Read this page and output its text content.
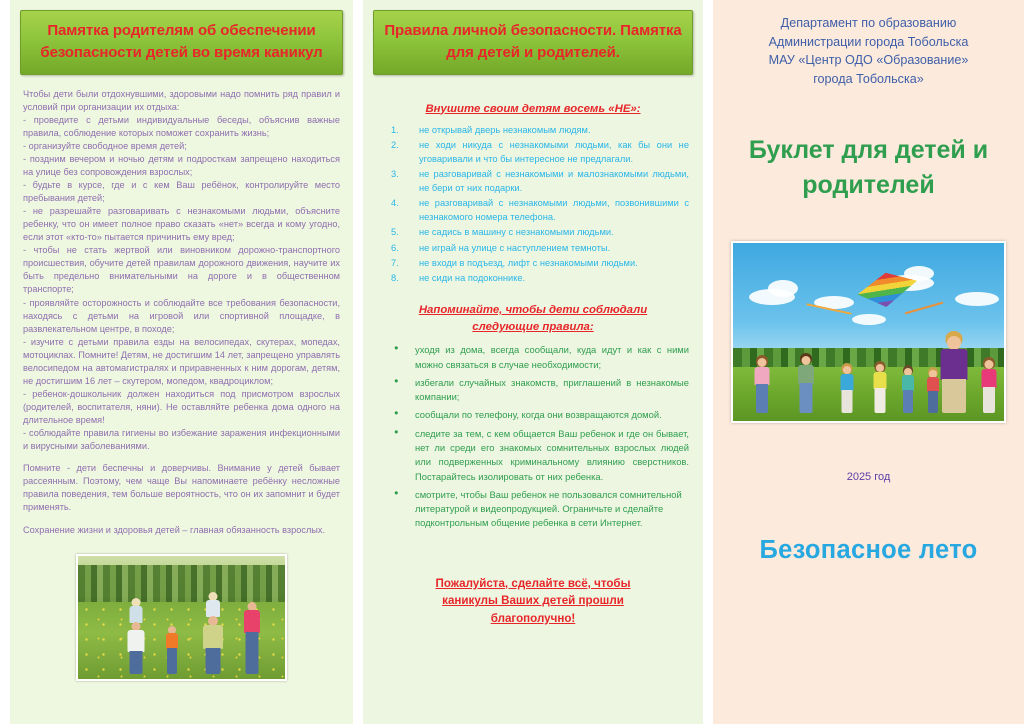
Памятка родителям об обеспечении
безопасности детей во время каникул

Чтобы дети были отдохнувшими, здоровыми надо помнить ряд правил и условий при организации их отдыха:

- проведите с детьми индивидуальные беседы, объяснив важные правила, соблюдение которых поможет сохранить жизнь;

- организуйте свободное время детей;

- поздним вечером и ночью детям и подросткам запрещено находиться на улице без сопровождения взрослых;

- будьте в курсе, где и с кем Ваш ребёнок, контролируйте место пребывания детей;

- не разрешайте разговаривать с незнакомыми людьми, объясните ребенку, что он имеет полное право сказать «нет» всегда и кому угодно, если этот «кто-то» пытается причинить ему вред;

- чтобы не стать жертвой или виновником дорожно-транспортного происшествия, обучите детей правилам дорожного движения, научите их быть предельно внимательными на дороге и в общественном транспорте;

- проявляйте осторожность и соблюдайте все требования безопасности, находясь с детьми на игровой или спортивной площадке, в развлекательном центре, в походе;

- изучите с детьми правила езды на велосипедах, скутерах, мопедах, мотоциклах. Помните! Детям, не достигшим 14 лет, запрещено управлять велосипедом на автомагистралях и приравненных к ним дорогам, детям, не достигшим 16 лет – скутером, мопедом, квадроциклом;

- ребенок-дошкольник должен находиться под присмотром взрослых (родителей, воспитателя, няни). Не оставляйте ребенка дома одного на длительное время!

- соблюдайте правила гигиены во избежание заражения инфекционными и вирусными заболеваниями.

Помните - дети беспечны и доверчивы. Внимание у детей бывает рассеянным. Поэтому, чем чаще Вы напоминаете ребёнку несложные правила поведения, тем больше вероятность, что он их запомнит и будет применять.

Сохранение жизни и здоровья детей – главная обязанность взрослых.

Правила личной безопасности. Памятка
для детей и родителей.
Внушите своим детям восемь «НЕ»:
не открывай дверь незнакомым людям.
не ходи никуда с незнакомыми людьми, как бы они не уговаривали и что бы интересное не предлагали.
не разговаривай с незнакомыми и малознакомыми людьми, не бери от них подарки.
не разговаривай с незнакомыми людьми, позвонившими с незнакомого номера телефона.
не садись в машину с незнакомыми людьми.
не играй на улице с наступлением темноты.
не входи в подъезд, лифт с незнакомыми людьми.
не сиди на подоконнике.
Напоминайте, чтобы дети соблюдали
следующие правила:
● уходя из дома, всегда сообщали, куда идут и как с ними можно связаться в случае необходимости;
● избегали случайных знакомств, приглашений в незнакомые компании;
● сообщали по телефону, когда они возвращаются домой.
● следите за тем, с кем общается Ваш ребенок и где он бывает, нет ли среди его знакомых сомнительных взрослых людей или подверженных криминальному влиянию сверстников. Постарайтесь изолировать от них ребенка.
● смотрите, чтобы Ваш ребенок не пользовался сомнительной литературой и видеопродукцией. Ограничьте и сделайте подконтрольным общение ребенка в сети Интернет.
Пожалуйста, сделайте всё, чтобы
каникулы Ваших детей прошли
благополучно!
Департамент по образованию
Администрации города Тобольска
МАУ «Центр ОДО «Образование»
города Тобольска»
Буклет для детей и
родителей
2025 год
Безопасное лето
